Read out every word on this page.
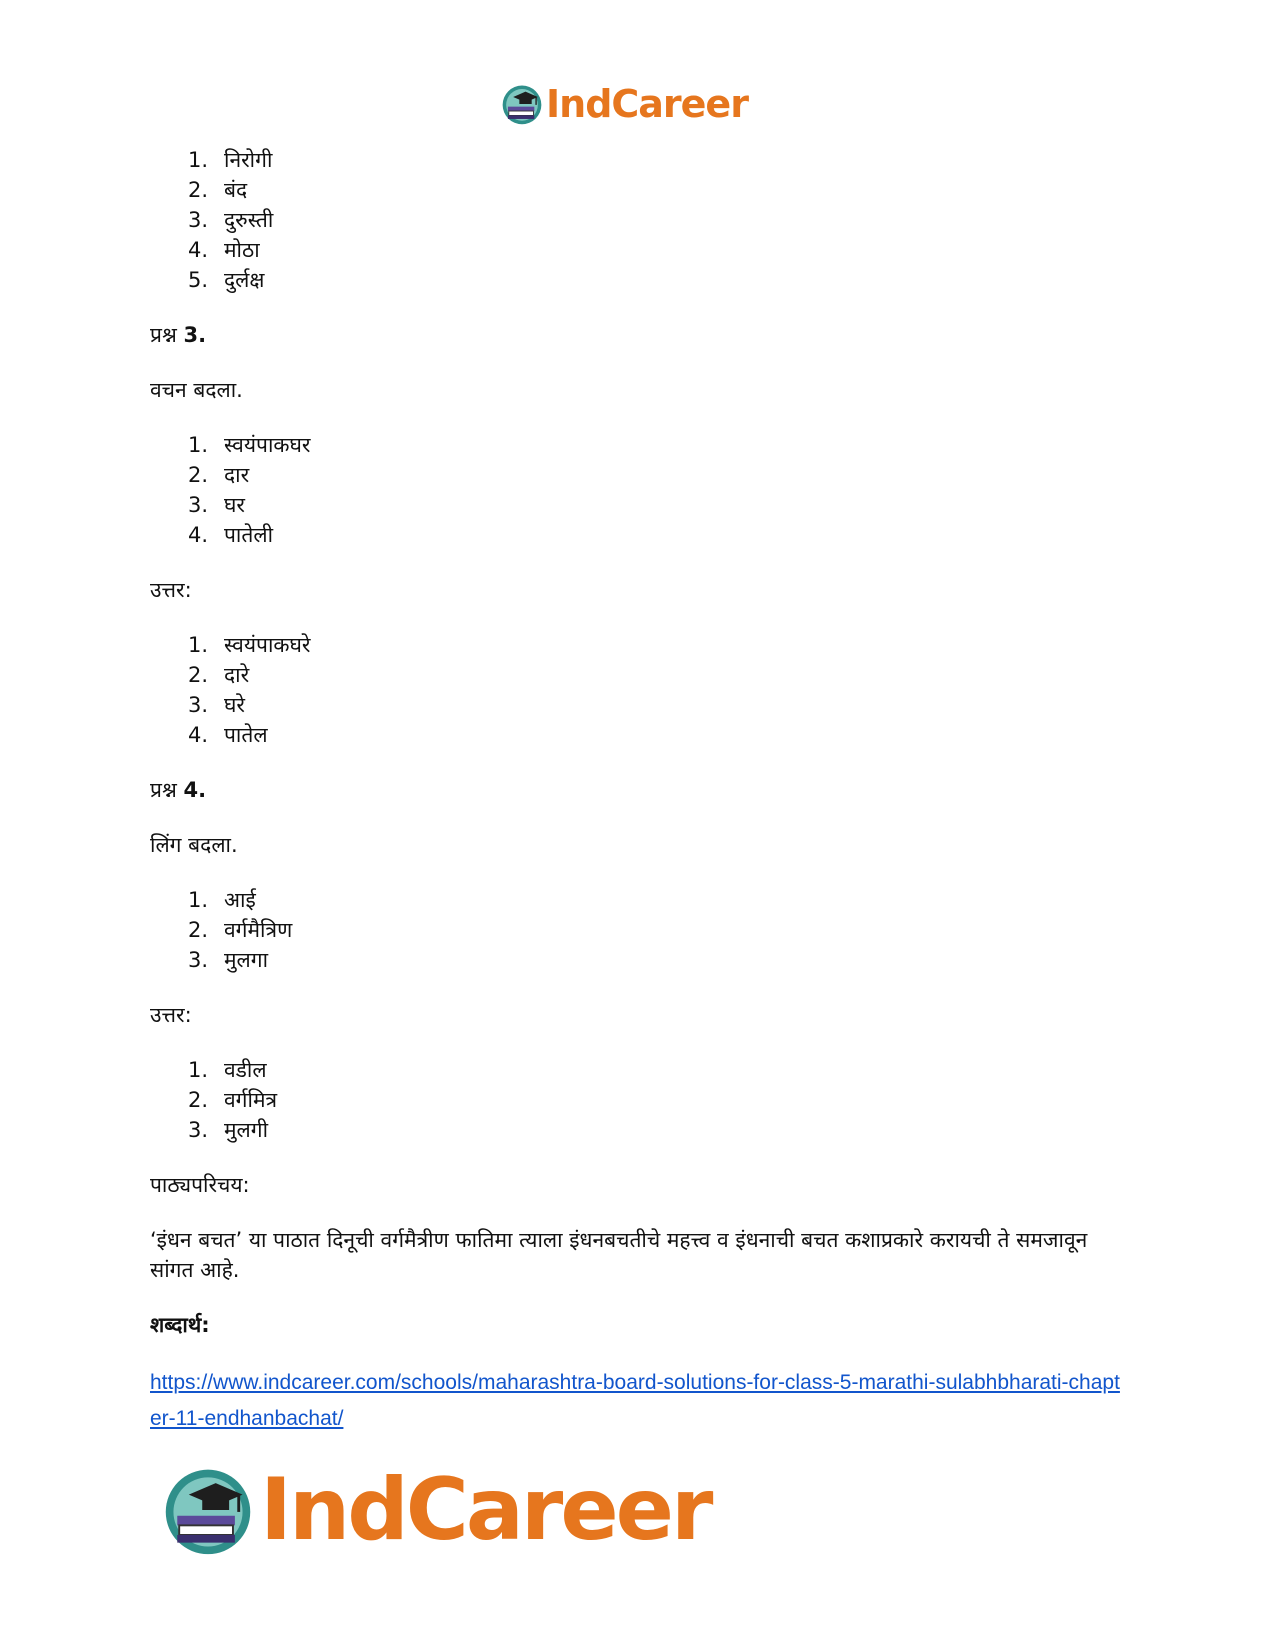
IndCareer
1. निरोगी
2. बंद
3. दुरुस्ती
4. मोठा
5. दुर्लक्ष

प्रश्न 3.

वचन बदला.

1. स्वयंपाकघर
2. दार
3. घर
4. पातेली

उत्तर:

1. स्वयंपाकघरे
2. दारे
3. घरे
4. पातेल

प्रश्न 4.

लिंग बदला.

1. आई
2. वर्गमैत्रिण
3. मुलगा

उत्तर:

1. वडील
2. वर्गमित्र
3. मुलगी

पाठ्यपरिचय:

‘इंधन बचत’ या पाठात दिनूची वर्गमैत्रीण फातिमा त्याला इंधनबचतीचे महत्त्व व इंधनाची बचत कशाप्रकारे करायची ते समजावून सांगत आहे.

शब्दार्थ:

https://www.indcareer.com/schools/maharashtra-board-solutions-for-class-5-marathi-sulabhbharati-chapter-11-endhanbachat/
IndCareer
